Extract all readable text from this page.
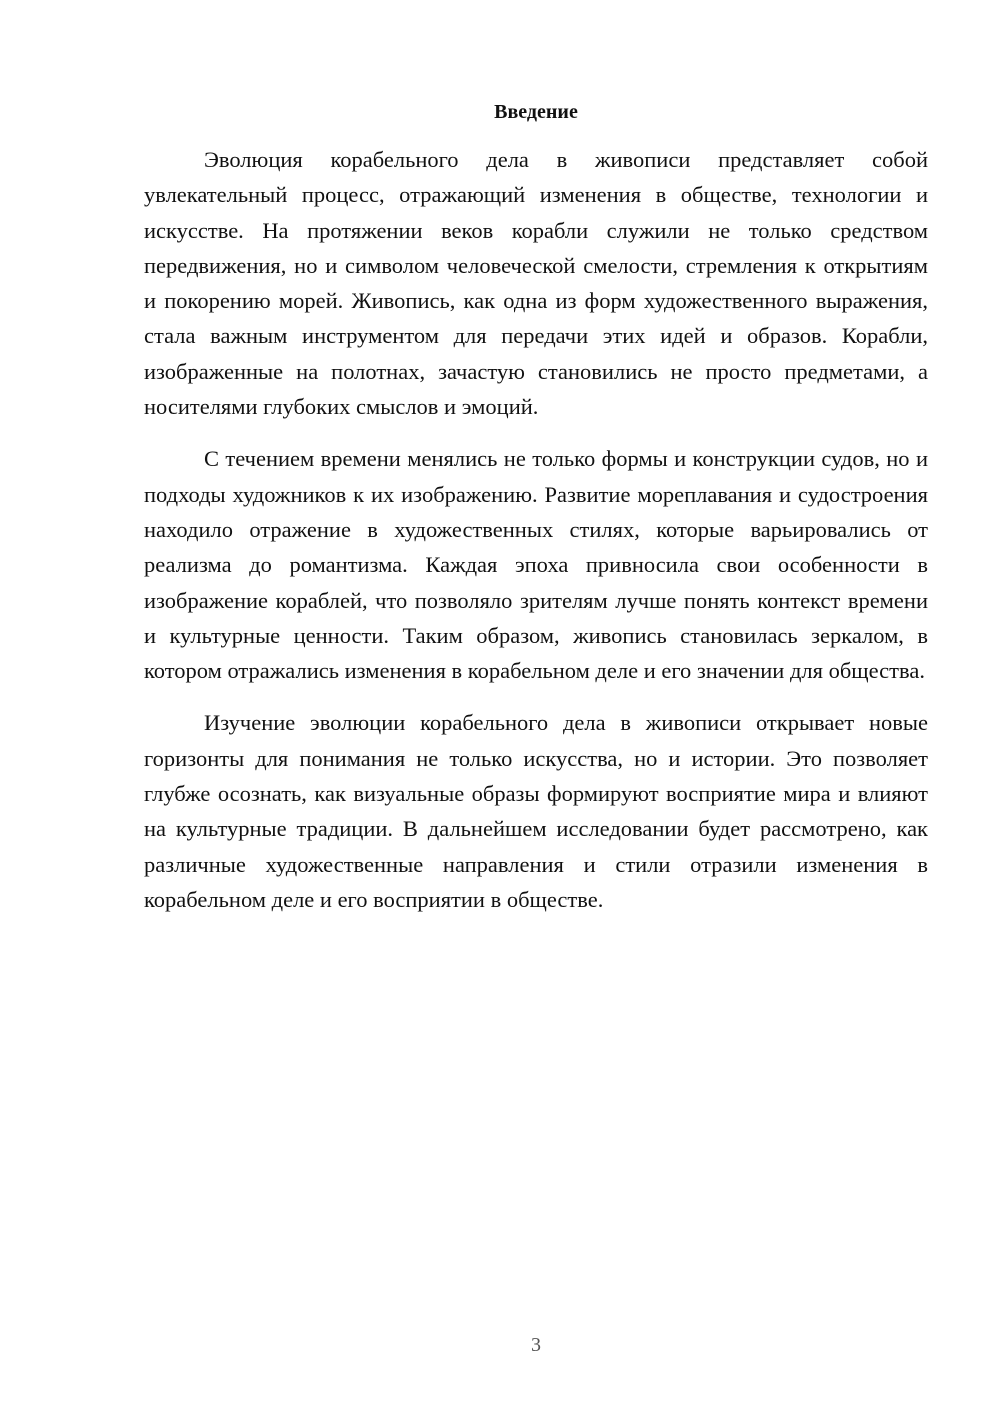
Введение

Эволюция корабельного дела в живописи представляет собой увлекательный процесс, отражающий изменения в обществе, технологии и искусстве. На протяжении веков корабли служили не только средством передвижения, но и символом человеческой смелости, стремления к открытиям и покорению морей. Живопись, как одна из форм художественного выражения, стала важным инструментом для передачи этих идей и образов. Корабли, изображенные на полотнах, зачастую становились не просто предметами, а носителями глубоких смыслов и эмоций.

С течением времени менялись не только формы и конструкции судов, но и подходы художников к их изображению. Развитие мореплавания и судостроения находило отражение в художественных стилях, которые варьировались от реализма до романтизма. Каждая эпоха привносила свои особенности в изображение кораблей, что позволяло зрителям лучше понять контекст времени и культурные ценности. Таким образом, живопись становилась зеркалом, в котором отражались изменения в корабельном деле и его значении для общества.

Изучение эволюции корабельного дела в живописи открывает новые горизонты для понимания не только искусства, но и истории. Это позволяет глубже осознать, как визуальные образы формируют восприятие мира и влияют на культурные традиции. В дальнейшем исследовании будет рассмотрено, как различные художественные направления и стили отразили изменения в корабельном деле и его восприятии в обществе.

3
